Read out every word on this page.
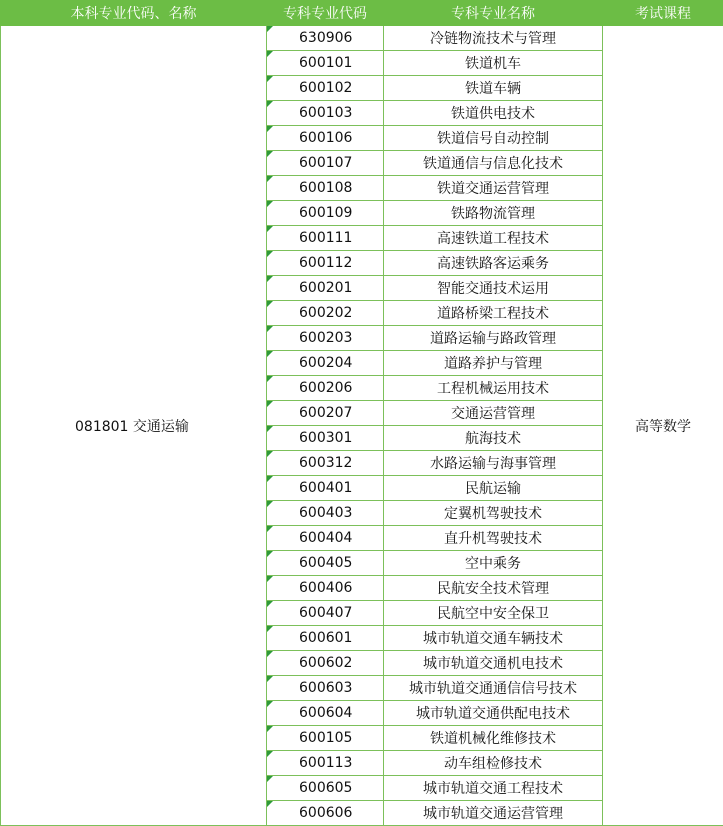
本科专业代码、名称	专科专业代码	专科专业名称	考试课程
081801 交通运输	630906	冷链物流技术与管理	高等数学

600101	铁道机车	

600102	铁道车辆	

600103	铁道供电技术	

600106	铁道信号自动控制	

600107	铁道通信与信息化技术	

600108	铁道交通运营管理	

600109	铁路物流管理	

600111	高速铁道工程技术	

600112	高速铁路客运乘务	

600201	智能交通技术运用	

600202	道路桥梁工程技术	

600203	道路运输与路政管理	

600204	道路养护与管理	

600206	工程机械运用技术	

600207	交通运营管理	

600301	航海技术	

600312	水路运输与海事管理	

600401	民航运输	

600403	定翼机驾驶技术	

600404	直升机驾驶技术	

600405	空中乘务	

600406	民航安全技术管理	

600407	民航空中安全保卫	

600601	城市轨道交通车辆技术	

600602	城市轨道交通机电技术	

600603	城市轨道交通通信信号技术	

600604	城市轨道交通供配电技术	

600105	铁道机械化维修技术	

600113	动车组检修技术	

600605	城市轨道交通工程技术	

600606	城市轨道交通运营管理	
